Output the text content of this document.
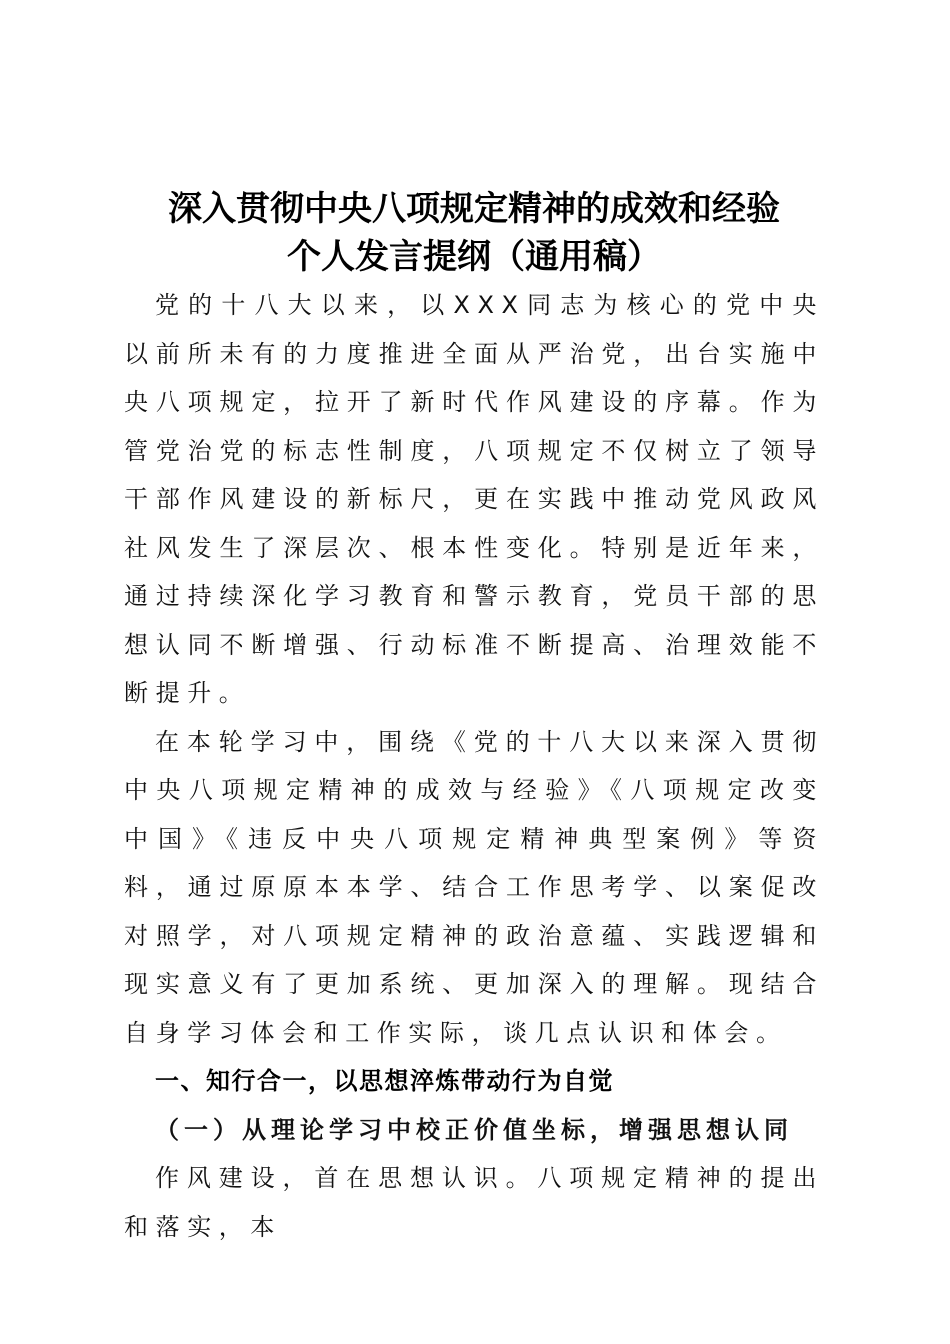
深入贯彻中央八项规定精神的成效和经验
个人发言提纲（通用稿）

党的十八大以来，以XXX同志为核心的党中央以前所未有的力度推进全面从严治党，出台实施中央八项规定，拉开了新时代作风建设的序幕。作为管党治党的标志性制度，八项规定不仅树立了领导干部作风建设的新标尺，更在实践中推动党风政风社风发生了深层次、根本性变化。特别是近年来，通过持续深化学习教育和警示教育，党员干部的思想认同不断增强、行动标准不断提高、治理效能不断提升。

在本轮学习中，围绕《党的十八大以来深入贯彻中央八项规定精神的成效与经验》《八项规定改变中国》《违反中央八项规定精神典型案例》等资料，通过原原本本学、结合工作思考学、以案促改对照学，对八项规定精神的政治意蕴、实践逻辑和现实意义有了更加系统、更加深入的理解。现结合自身学习体会和工作实际，谈几点认识和体会。

一、知行合一，以思想淬炼带动行为自觉
（一）从理论学习中校正价值坐标，增强思想认同

作风建设，首在思想认识。八项规定精神的提出和落实，本
